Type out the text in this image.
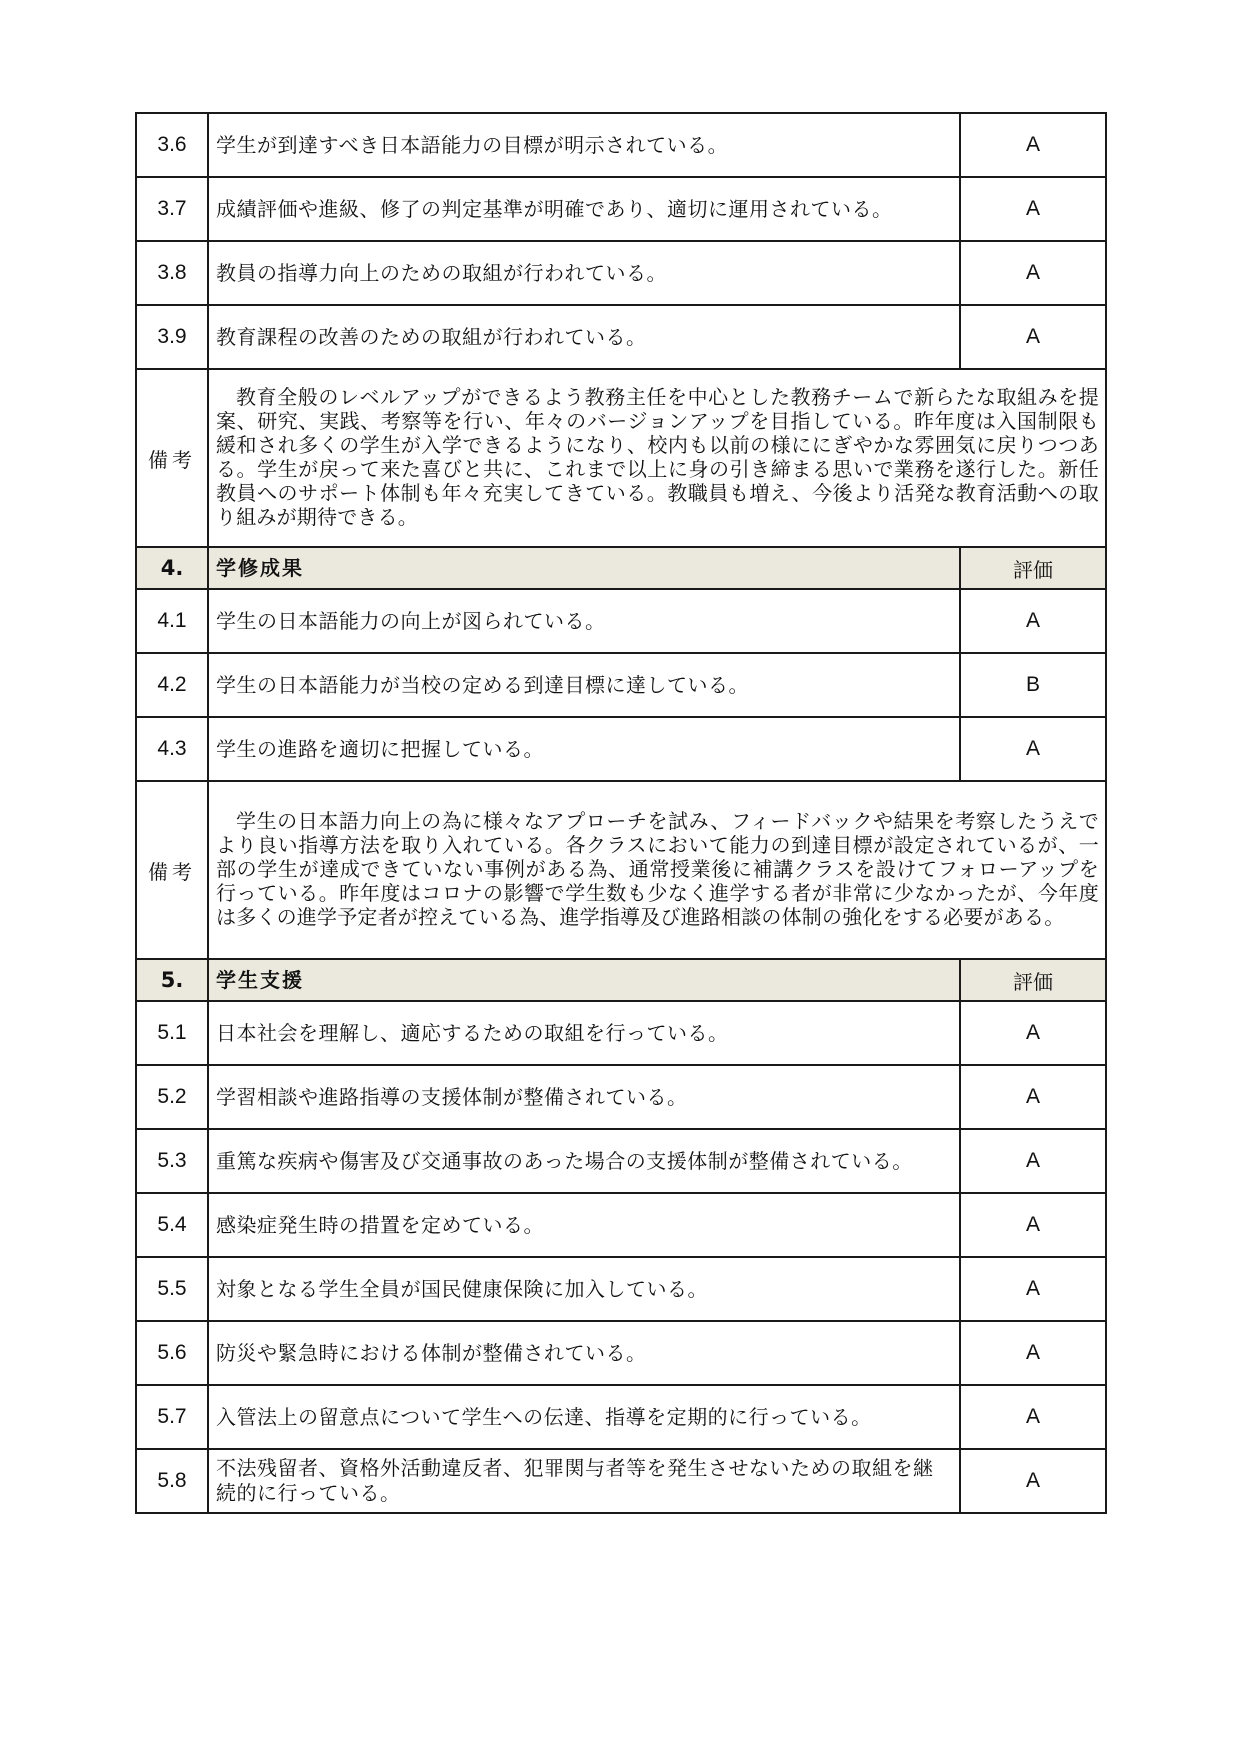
3.6	学生が到達すべき日本語能力の目標が明示されている。	A
3.7	成績評価や進級、修了の判定基準が明確であり、適切に運用されている。	A
3.8	教員の指導力向上のための取組が行われている。	A
3.9	教育課程の改善のための取組が行われている。	A
備考	教育全般のレベルアップができるよう教務主任を中心とした教務チームで新らたな取組みを提案、研究、実践、考察等を行い、年々のバージョンアップを目指している。昨年度は入国制限も緩和され多くの学生が入学できるようになり、校内も以前の様ににぎやかな雰囲気に戻りつつある。学生が戻って来た喜びと共に、これまで以上に身の引き締まる思いで業務を遂行した。新任教員へのサポート体制も年々充実してきている。教職員も増え、今後より活発な教育活動への取り組みが期待できる。	
4.	学修成果	評価
4.1	学生の日本語能力の向上が図られている。	A
4.2	学生の日本語能力が当校の定める到達目標に達している。	B
4.3	学生の進路を適切に把握している。	A
備考	学生の日本語力向上の為に様々なアプローチを試み、フィードバックや結果を考察したうえでより良い指導方法を取り入れている。各クラスにおいて能力の到達目標が設定されているが、一部の学生が達成できていない事例がある為、通常授業後に補講クラスを設けてフォローアップを行っている。昨年度はコロナの影響で学生数も少なく進学する者が非常に少なかったが、今年度は多くの進学予定者が控えている為、進学指導及び進路相談の体制の強化をする必要がある。	
5.	学生支援	評価
5.1	日本社会を理解し、適応するための取組を行っている。	A
5.2	学習相談や進路指導の支援体制が整備されている。	A
5.3	重篤な疾病や傷害及び交通事故のあった場合の支援体制が整備されている。	A
5.4	感染症発生時の措置を定めている。	A
5.5	対象となる学生全員が国民健康保険に加入している。	A
5.6	防災や緊急時における体制が整備されている。	A
5.7	入管法上の留意点について学生への伝達、指導を定期的に行っている。	A
5.8	不法残留者、資格外活動違反者、犯罪関与者等を発生させないための取組を継続的に行っている。	A
